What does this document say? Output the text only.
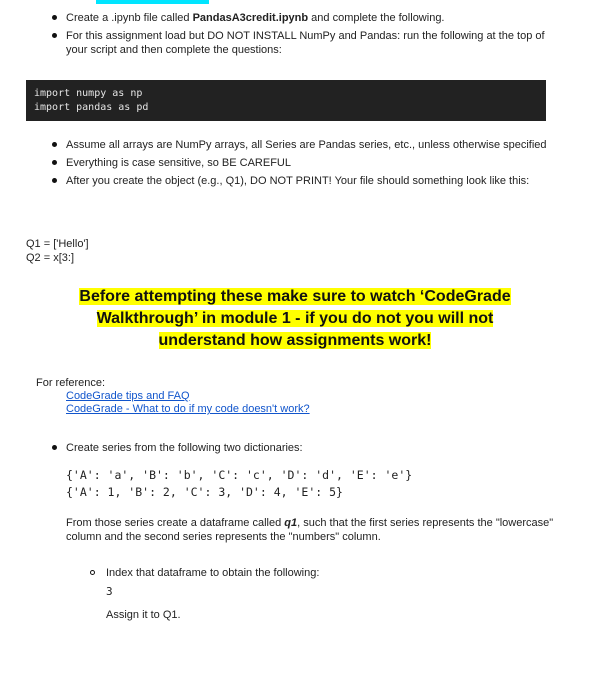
Create a .ipynb file called PandasA3credit.ipynb and complete the following.
For this assignment load but DO NOT INSTALL NumPy and Pandas: run the following at the top of your script and then complete the questions:
import numpy as np
import pandas as pd
Assume all arrays are NumPy arrays, all Series are Pandas series, etc., unless otherwise specified
Everything is case sensitive, so BE CAREFUL
After you create the object (e.g., Q1), DO NOT PRINT! Your file should something look like this:
Q1 = ['Hello']
Q2 = x[3:]
Before attempting these make sure to watch ‘CodeGrade
Walkthrough’ in module 1 - if you do not you will not
understand how assignments work!
For reference:
CodeGrade tips and FAQ
CodeGrade - What to do if my code doesn't work?
Create series from the following two dictionaries:
{'A': 'a', 'B': 'b', 'C': 'c', 'D': 'd', 'E': 'e'}
{'A': 1, 'B': 2, 'C': 3, 'D': 4, 'E': 5}
From those series create a dataframe called q1, such that the first series represents the "lowercase" column and the second series represents the "numbers" column.
Index that dataframe to obtain the following:
3
Assign it to Q1.
